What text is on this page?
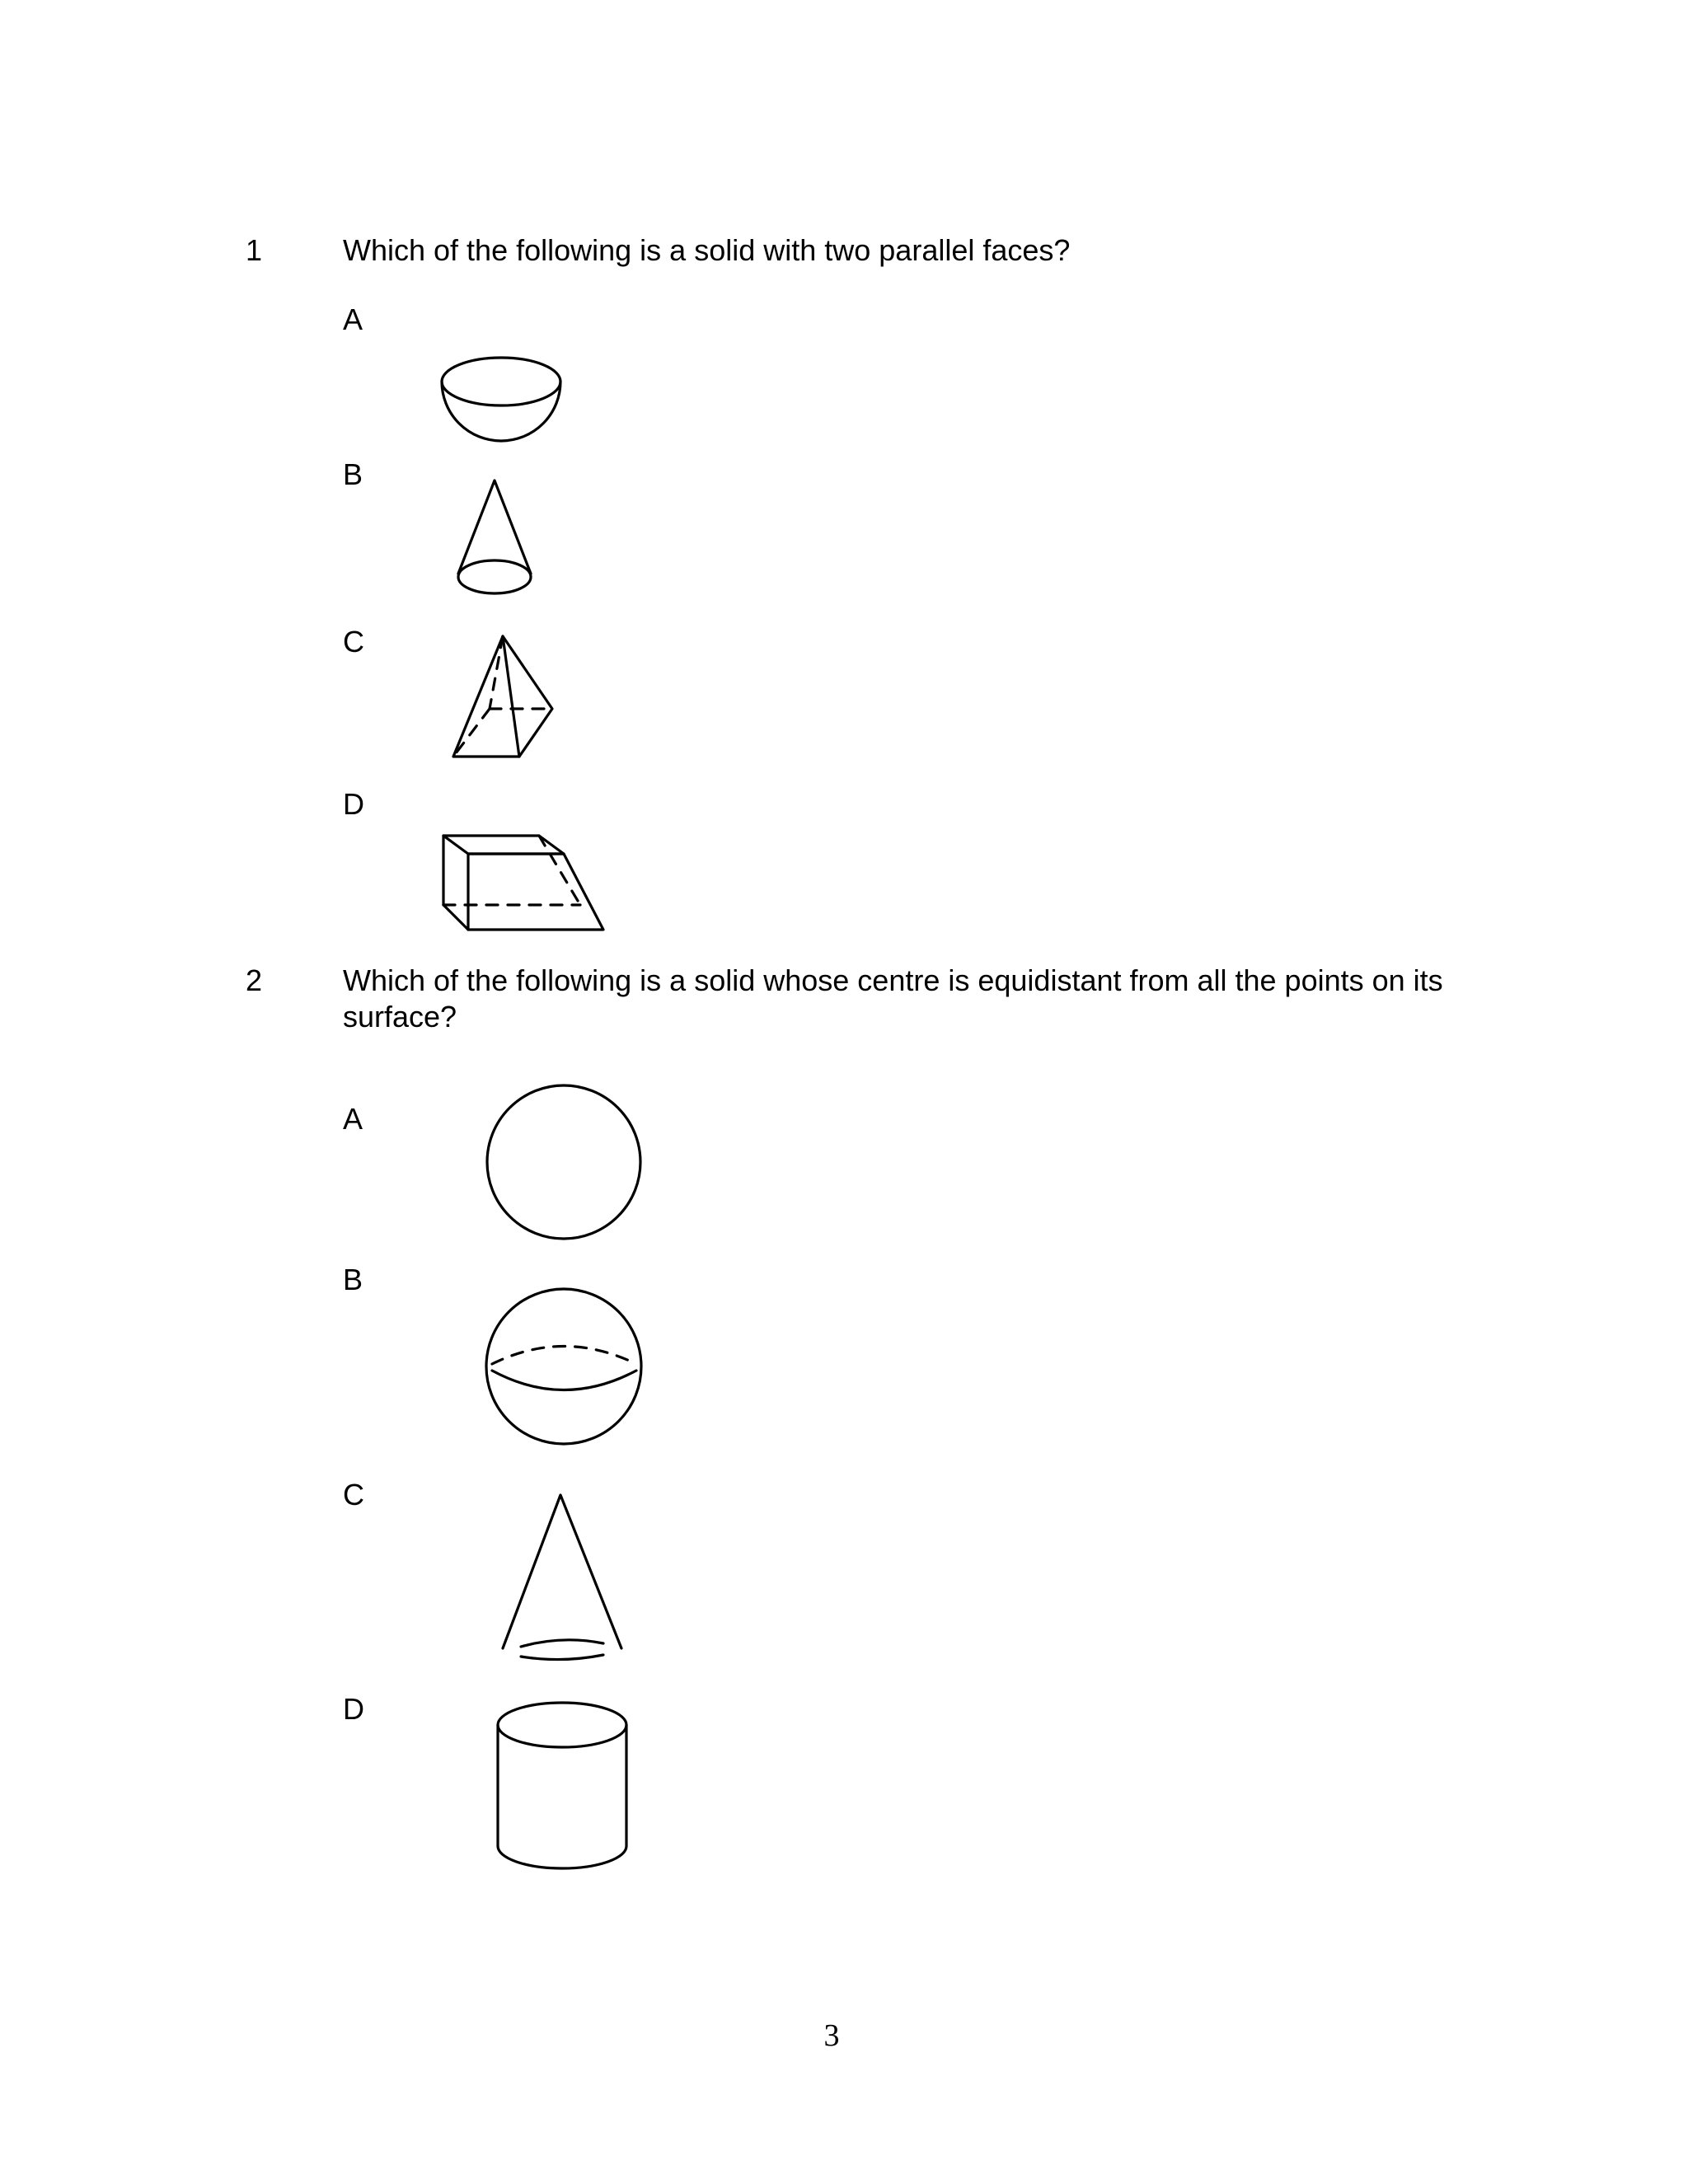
1	Which of the following is a solid with two parallel faces?
A
B
C
D
2	Which of the following is a solid whose centre is equidistant from all the points on its surface?
A
B
C
D
3
